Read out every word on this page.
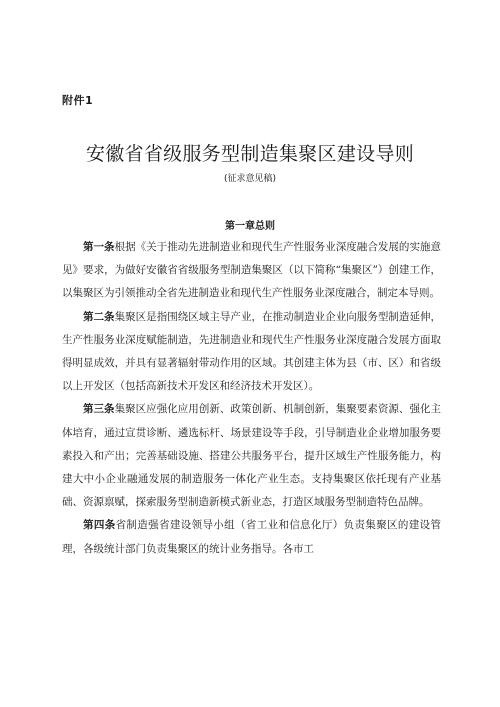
附件1
安徽省省级服务型制造集聚区建设导则
(征求意见稿)
第一章总则

第一条根据《关于推动先进制造业和现代生产性服务业深度融合发展的实施意见》要求，为做好安徽省省级服务型制造集聚区（以下简称“集聚区”）创建工作，以集聚区为引领推动全省先进制造业和现代生产性服务业深度融合，制定本导则。

第二条集聚区是指围绕区域主导产业，在推动制造业企业向服务型制造延伸，生产性服务业深度赋能制造，先进制造业和现代生产性服务业深度融合发展方面取得明显成效，并具有显著辐射带动作用的区域。其创建主体为县（市、区）和省级以上开发区（包括高新技术开发区和经济技术开发区）。

第三条集聚区应强化应用创新、政策创新、机制创新，集聚要素资源、强化主体培育，通过宣贯诊断、遴选标杆、场景建设等手段，引导制造业企业增加服务要素投入和产出；完善基础设施、搭建公共服务平台，提升区域生产性服务能力，构建大中小企业融通发展的制造服务一体化产业生态。支持集聚区依托现有产业基础、资源禀赋，探索服务型制造新模式新业态，打造区域服务型制造特色品牌。

第四条省制造强省建设领导小组（省工业和信息化厅）负责集聚区的建设管理，各级统计部门负责集聚区的统计业务指导。各市工
